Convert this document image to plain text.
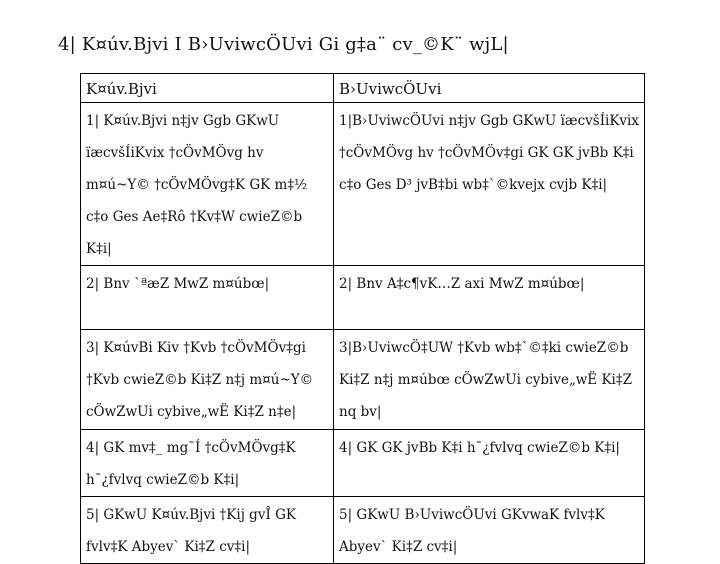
4| K¤úv.Bjvi I B›UviwcÖUvi Gi g‡a¨ cv_©K¨ wjL|
K¤úv.Bjvi	B›UviwcÖUvi

1| K¤úv.Bjvi n‡jv Ggb GKwU ïæcvšÍiKvix †cÖvMÖvg hv m¤ú~Y© †cÖvMÖvg‡K GK m‡½ c‡o Ges Ae‡Rô †Kv‡W cwieZ©b K‡i|	1|B›UviwcÖUvi n‡jv Ggb GKwU ïæcvšÍiKvix †cÖvMÖvg hv †cÖvMÖv‡gi GK GK jvBb K‡i c‡o Ges D³ jvB‡bi wb‡`©kvejx cvjb K‡i|

2| Bnv `ªæZ MwZ m¤úbœ|	2| Bnv A‡c¶vK…Z axi MwZ m¤úbœ|

3| K¤úvBi Kiv †Kvb †cÖvMÖv‡gi †Kvb cwieZ©b Ki‡Z n‡j m¤ú~Y© cÖwZwUi cybive„wË Ki‡Z n‡e|	3|B›UviwcÖ‡UW †Kvb wb‡`©‡ki cwieZ©b Ki‡Z n‡j m¤úbœ cÖwZwUi cybive„wË Ki‡Z nq bv|

4| GK mv‡_ mg¯Í †cÖvMÖvg‡K h¯¿fvlvq cwieZ©b K‡i|	4| GK GK jvBb K‡i h¯¿fvlvq cwieZ©b K‡i|

5| GKwU K¤úv.Bjvi †Kij gvÎ GK fvlv‡K Abyev` Ki‡Z cv‡i|	5| GKwU B›UviwcÖUvi GKvwaK fvlv‡K Abyev` Ki‡Z cv‡i|
